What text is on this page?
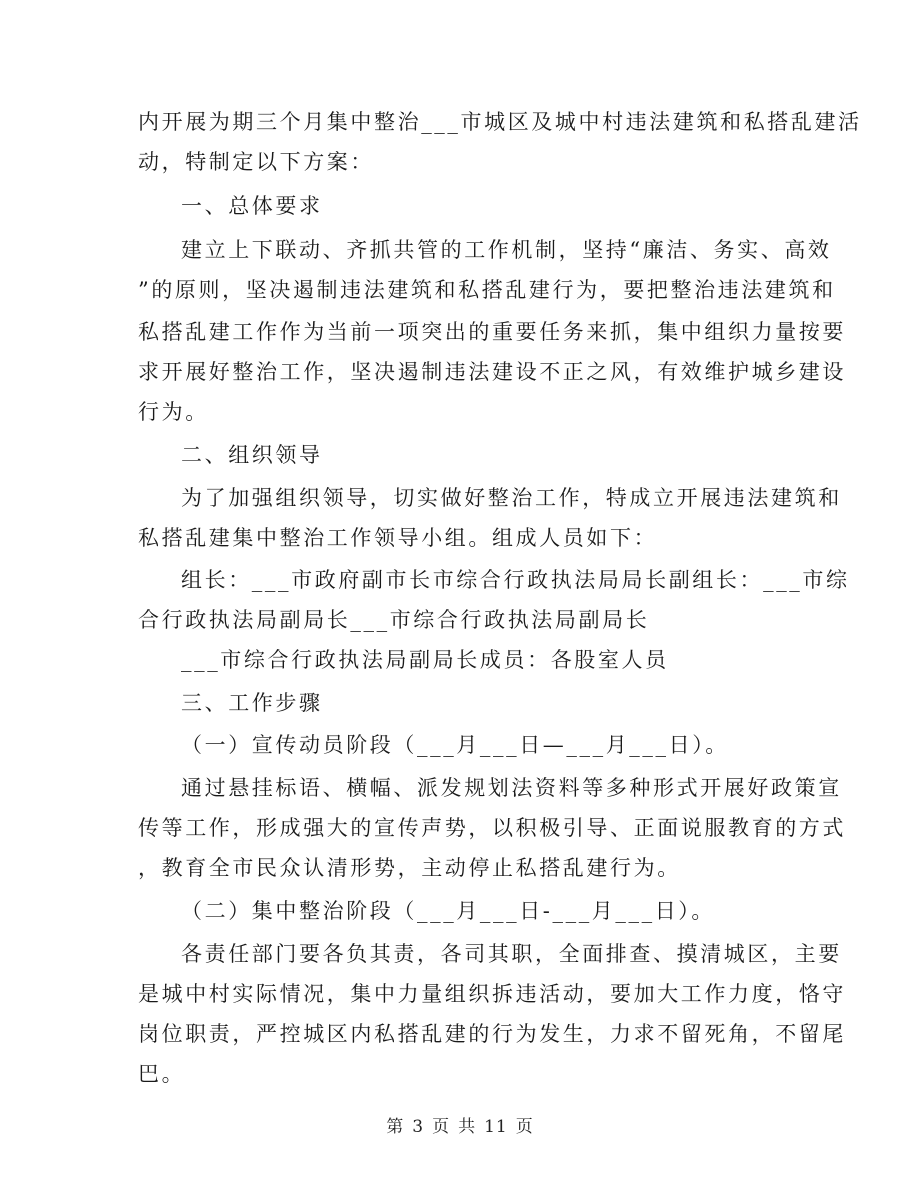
内开展为期三个月集中整治___市城区及城中村违法建筑和私搭乱建活
动，特制定以下方案：
一、总体要求
建立上下联动、齐抓共管的工作机制，坚持“廉洁、务实、高效
”的原则，坚决遏制违法建筑和私搭乱建行为，要把整治违法建筑和
私搭乱建工作作为当前一项突出的重要任务来抓，集中组织力量按要
求开展好整治工作，坚决遏制违法建设不正之风，有效维护城乡建设
行为。
二、组织领导
为了加强组织领导，切实做好整治工作，特成立开展违法建筑和
私搭乱建集中整治工作领导小组。组成人员如下：
组长：___市政府副市长市综合行政执法局局长副组长：___市综
合行政执法局副局长___市综合行政执法局副局长
___市综合行政执法局副局长成员：各股室人员
三、工作步骤
（一）宣传动员阶段（___月___日—___月___日）。
通过悬挂标语、横幅、派发规划法资料等多种形式开展好政策宣
传等工作，形成强大的宣传声势，以积极引导、正面说服教育的方式
，教育全市民众认清形势，主动停止私搭乱建行为。
（二）集中整治阶段（___月___日-___月___日）。
各责任部门要各负其责，各司其职，全面排查、摸清城区，主要
是城中村实际情况，集中力量组织拆违活动，要加大工作力度，恪守
岗位职责，严控城区内私搭乱建的行为发生，力求不留死角，不留尾
巴。
第 3 页 共 11 页
